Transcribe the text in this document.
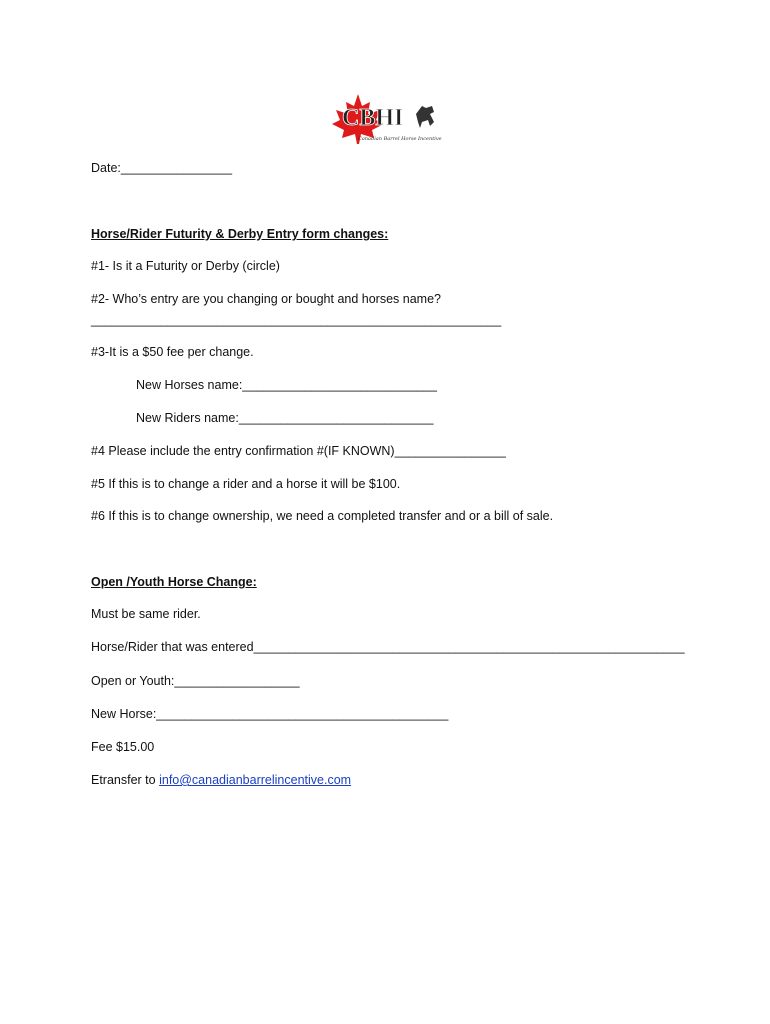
CBHI
Canadian Barrel Horse Incentive
Date:________________
Horse/Rider Futurity & Derby Entry form changes:
#1- Is it a Futurity or Derby (circle)
#2- Who’s entry are you changing or bought and horses name?
___________________________________________________________
#3-It is a $50 fee per change.
New Horses name:____________________________
New Riders name:____________________________
#4 Please include the entry confirmation #(IF KNOWN)________________
#5 If this is to change a rider and a horse it will be $100.
#6 If this is to change ownership, we need a completed transfer and or a bill of sale.
Open /Youth Horse Change:
Must be same rider.
Horse/Rider that was entered______________________________________________________________
Open or Youth:__________________
New Horse:__________________________________________
Fee $15.00
Etransfer to info@canadianbarrelincentive.com
